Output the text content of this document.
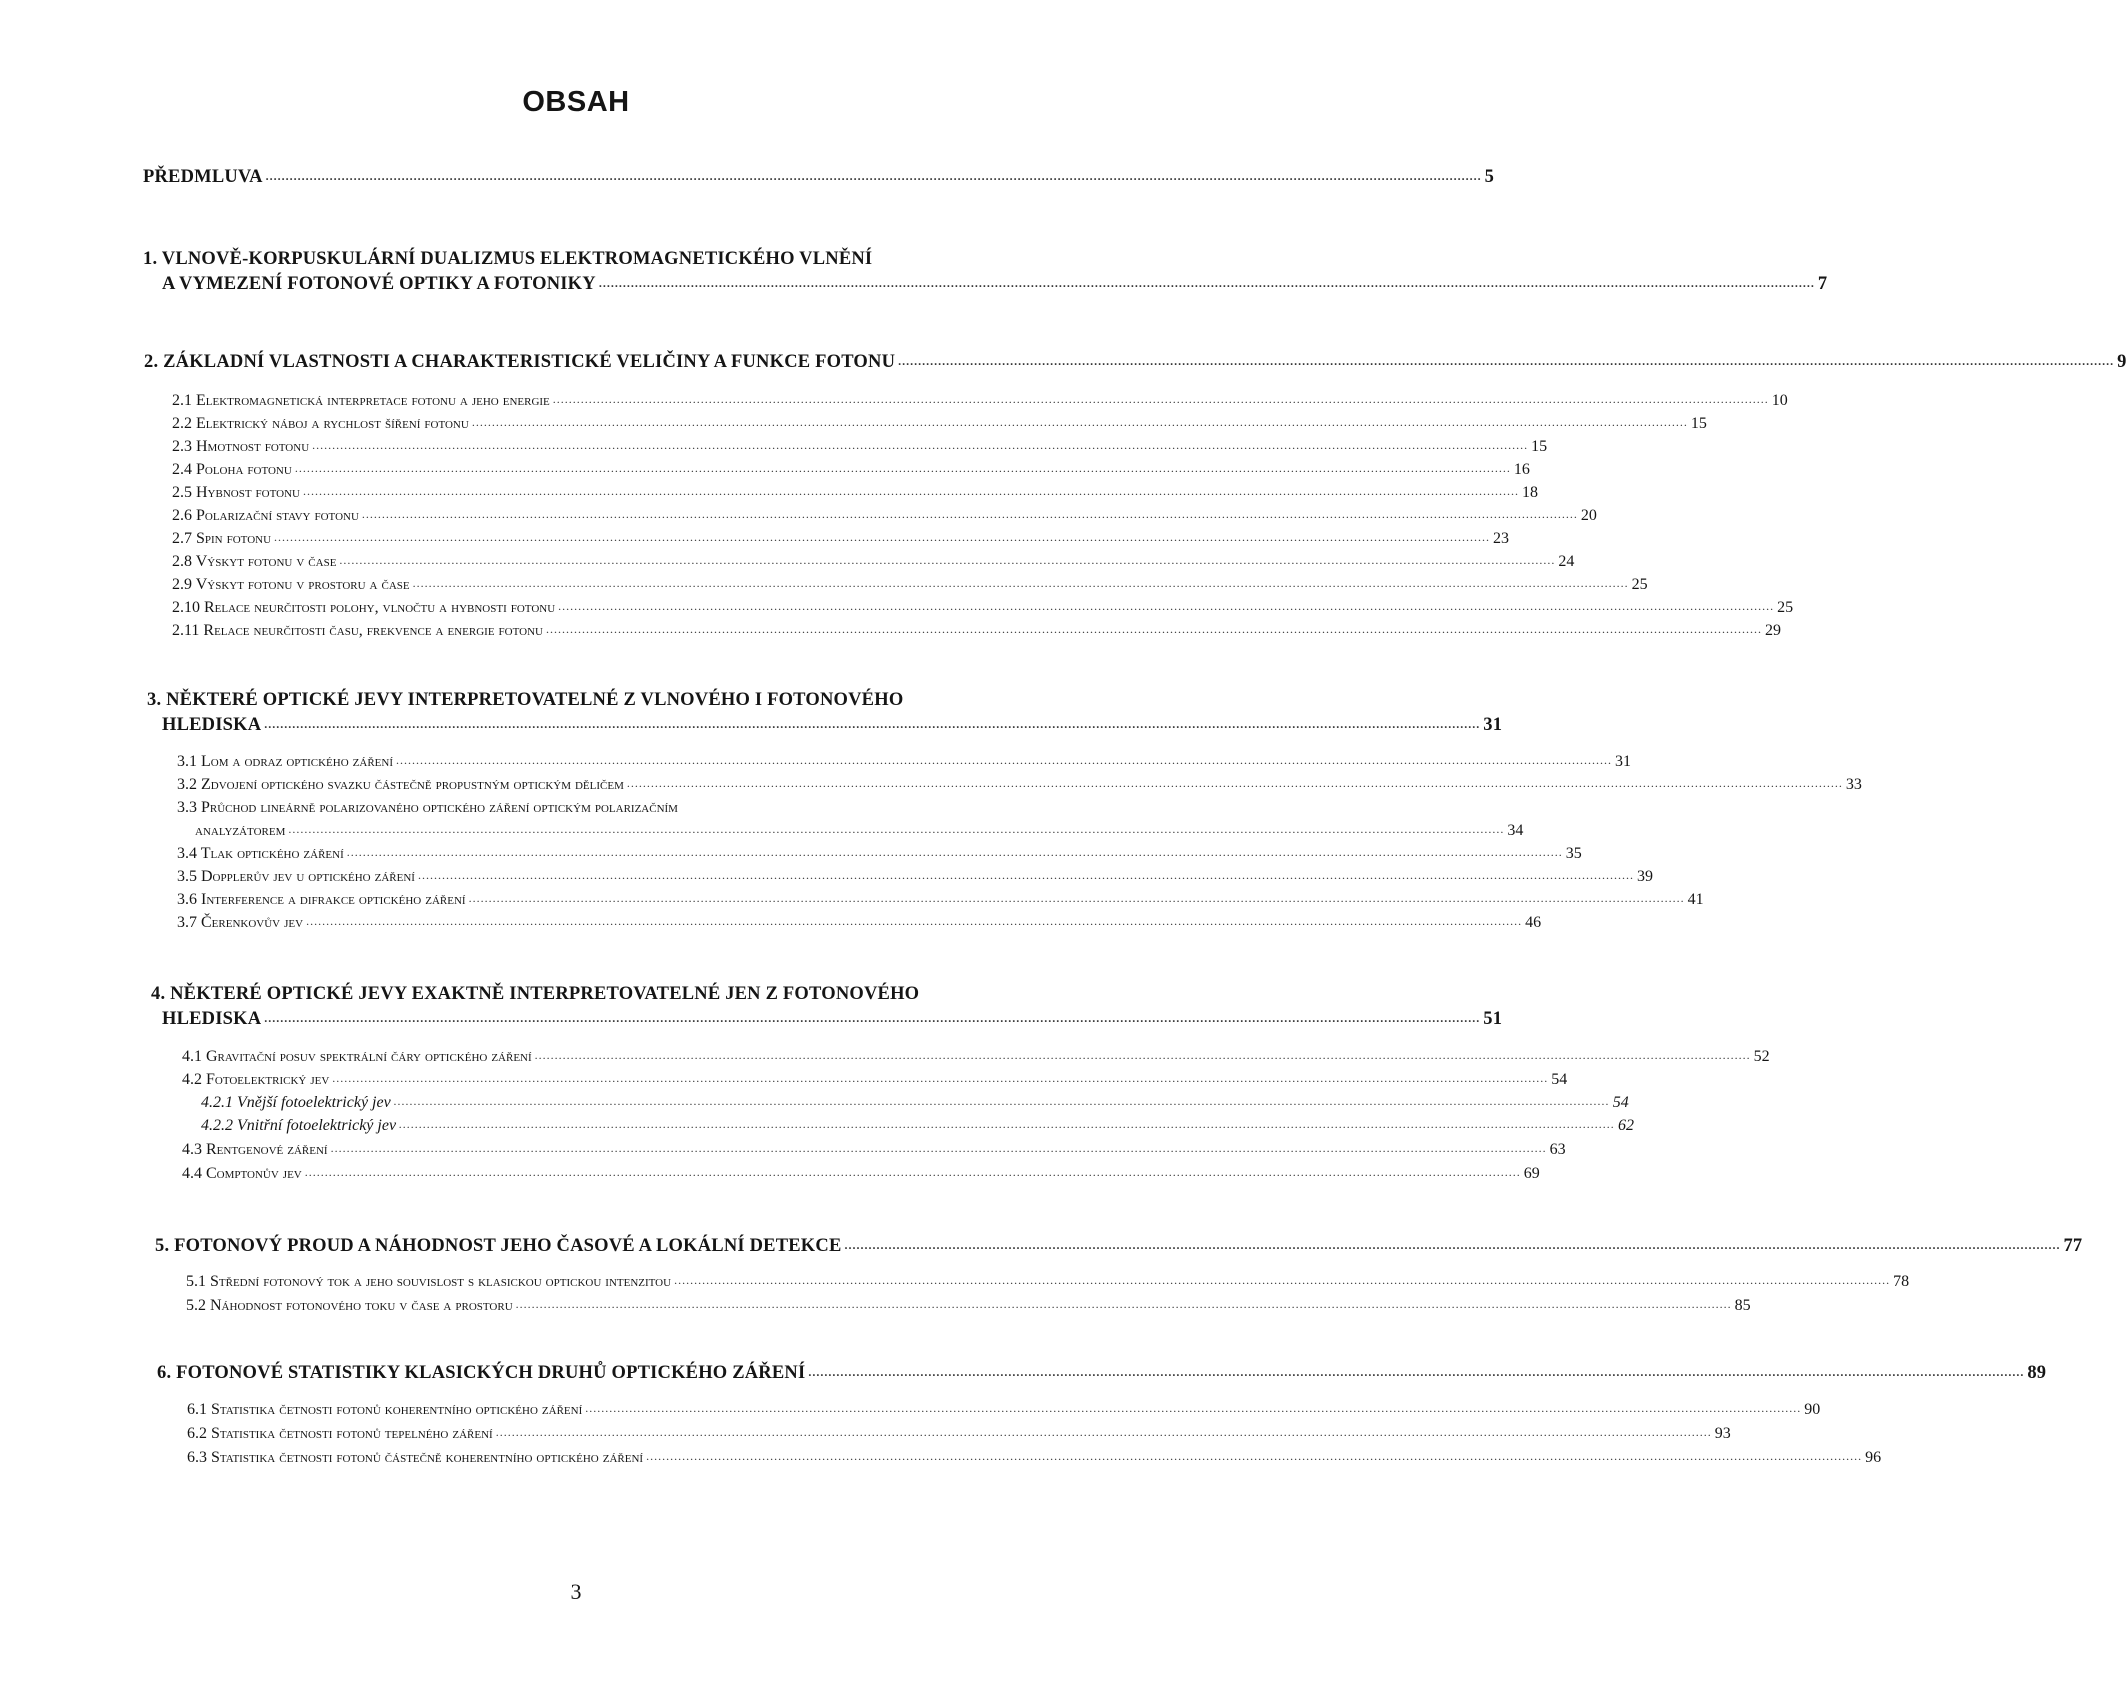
OBSAH
PŘEDMLUVA ................................................................................................................................................................................................................................................................................................................ 5
1. VLNOVĚ-KORPUSKULÁRNÍ DUALIZMUS ELEKTROMAGNETICKÉHO VLNĚNÍ
A VYMEZENÍ FOTONOVÉ OPTIKY A FOTONIKY ................................................................................................................................................................................................................................................................................................................ 7
2. ZÁKLADNÍ VLASTNOSTI A CHARAKTERISTICKÉ VELIČINY A FUNKCE FOTONU ................................................................................................................................................................................................................................................................................................................ 9
2.1 Elektromagnetická interpretace fotonu a jeho energie ................................................................................................................................................................................................................................................................................................................ 10
2.2 Elektrický náboj a rychlost šíření fotonu ................................................................................................................................................................................................................................................................................................................ 15
2.3 Hmotnost fotonu ................................................................................................................................................................................................................................................................................................................ 15
2.4 Poloha fotonu ................................................................................................................................................................................................................................................................................................................ 16
2.5 Hybnost fotonu ................................................................................................................................................................................................................................................................................................................ 18
2.6 Polarizační stavy fotonu ................................................................................................................................................................................................................................................................................................................ 20
2.7 Spin fotonu ................................................................................................................................................................................................................................................................................................................ 23
2.8 Výskyt fotonu v čase ................................................................................................................................................................................................................................................................................................................ 24
2.9 Výskyt fotonu v prostoru a čase ................................................................................................................................................................................................................................................................................................................ 25
2.10 Relace neurčitosti polohy, vlnočtu a hybnosti fotonu ................................................................................................................................................................................................................................................................................................................ 25
2.11 Relace neurčitosti času, frekvence a energie fotonu ................................................................................................................................................................................................................................................................................................................ 29
3. NĚKTERÉ OPTICKÉ JEVY INTERPRETOVATELNÉ Z VLNOVÉHO I FOTONOVÉHO
HLEDISKA ................................................................................................................................................................................................................................................................................................................ 31
3.1 Lom a odraz optického záření ................................................................................................................................................................................................................................................................................................................ 31
3.2 Zdvojení optického svazku částečně propustným optickým děličem ................................................................................................................................................................................................................................................................................................................ 33
3.3 Průchod lineárně polarizovaného optického záření optickým polarizačním
analyzátorem ................................................................................................................................................................................................................................................................................................................ 34
3.4 Tlak optického záření ................................................................................................................................................................................................................................................................................................................ 35
3.5 Dopplerův jev u optického záření ................................................................................................................................................................................................................................................................................................................ 39
3.6 Interference a difrakce optického záření ................................................................................................................................................................................................................................................................................................................ 41
3.7 Čerenkovův jev ................................................................................................................................................................................................................................................................................................................ 46
4. NĚKTERÉ OPTICKÉ JEVY EXAKTNĚ INTERPRETOVATELNÉ JEN Z FOTONOVÉHO
HLEDISKA ................................................................................................................................................................................................................................................................................................................ 51
4.1 Gravitační posuv spektrální čáry optického záření ................................................................................................................................................................................................................................................................................................................ 52
4.2 Fotoelektrický jev ................................................................................................................................................................................................................................................................................................................ 54
4.2.1 Vnější fotoelektrický jev ................................................................................................................................................................................................................................................................................................................ 54
4.2.2 Vnitřní fotoelektrický jev ................................................................................................................................................................................................................................................................................................................ 62
4.3 Rentgenové záření ................................................................................................................................................................................................................................................................................................................ 63
4.4 Comptonův jev ................................................................................................................................................................................................................................................................................................................ 69
5. FOTONOVÝ PROUD A NÁHODNOST JEHO ČASOVÉ A LOKÁLNÍ DETEKCE ................................................................................................................................................................................................................................................................................................................ 77
5.1 Střední fotonový tok a jeho souvislost s klasickou optickou intenzitou ................................................................................................................................................................................................................................................................................................................ 78
5.2 Náhodnost fotonového toku v čase a prostoru ................................................................................................................................................................................................................................................................................................................ 85
6. FOTONOVÉ STATISTIKY KLASICKÝCH DRUHŮ OPTICKÉHO ZÁŘENÍ ................................................................................................................................................................................................................................................................................................................ 89
6.1 Statistika četnosti fotonů koherentního optického záření ................................................................................................................................................................................................................................................................................................................ 90
6.2 Statistika četnosti fotonů tepelného záření ................................................................................................................................................................................................................................................................................................................ 93
6.3 Statistika četnosti fotonů částečně koherentního optického záření ................................................................................................................................................................................................................................................................................................................ 96
3
